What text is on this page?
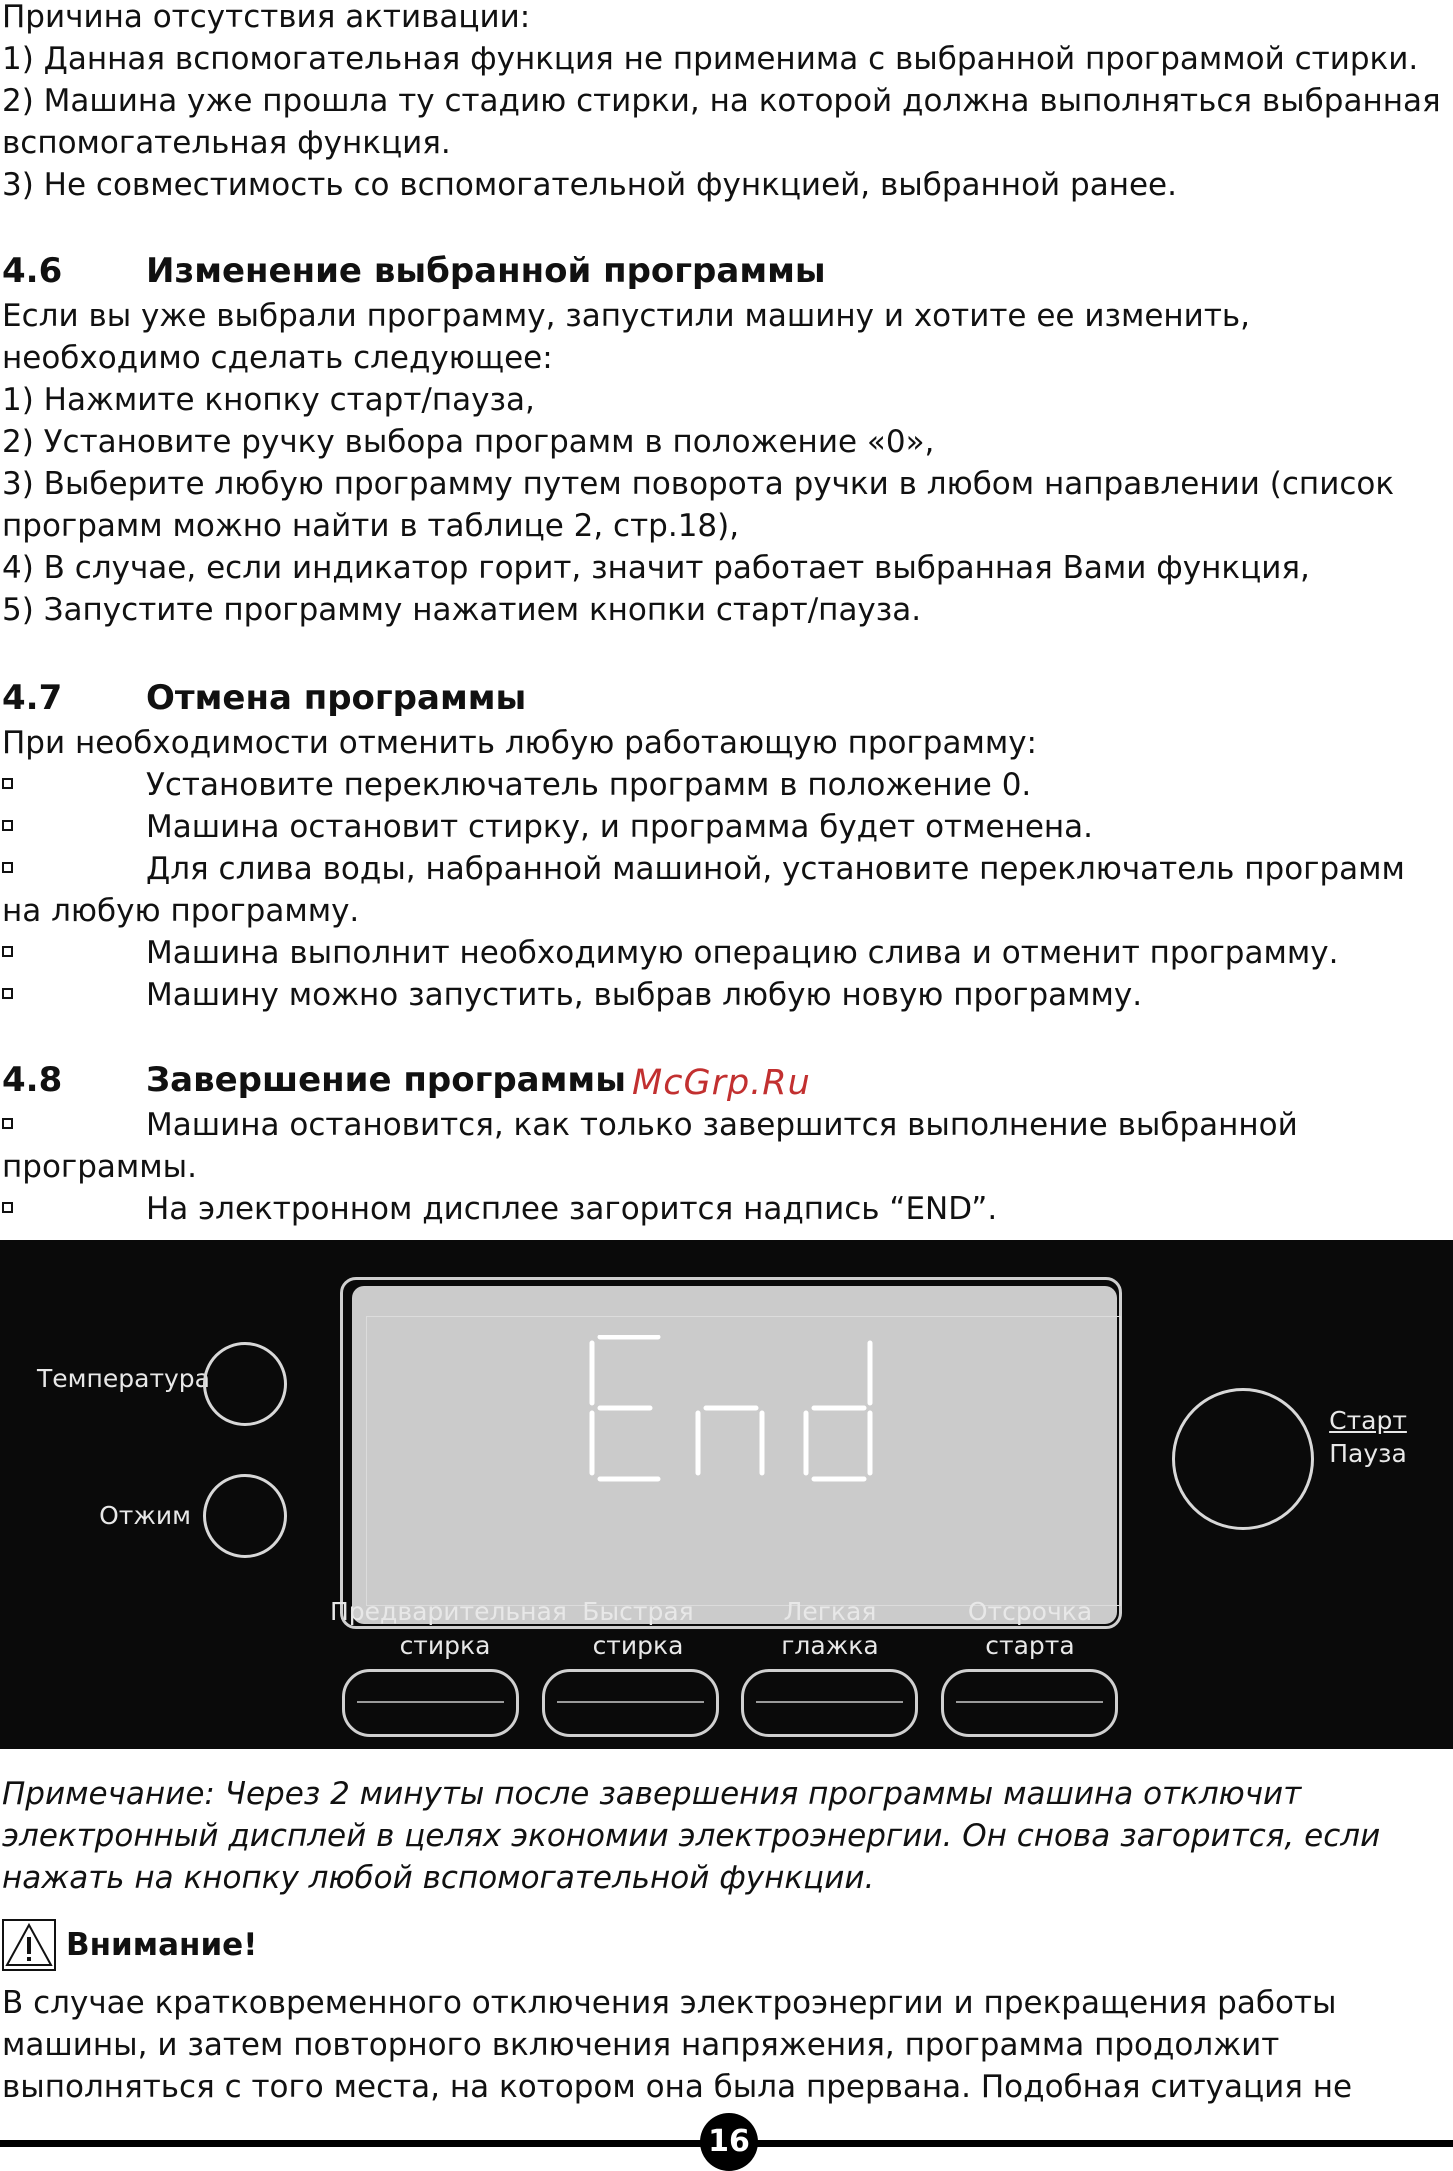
Причина отсутствия активации:
1) Данная вспомогательная функция не применима с выбранной программой стирки.
2) Машина уже прошла ту стадию стирки, на которой должна выполняться выбранная
вспомогательная функция.
3) Не совместимость со вспомогательной функцией, выбранной ранее.
4.6 Изменение выбранной программы
Если вы уже выбрали программу, запустили машину и хотите ее изменить,
необходимо сделать следующее:
1) Нажмите кнопку старт/пауза,
2) Установите ручку выбора программ в положение «0»,
3) Выберите любую программу путем поворота ручки в любом направлении (список
программ можно найти в таблице 2, стр.18),
4) В случае, если индикатор горит, значит работает выбранная Вами функция,
5) Запустите программу нажатием кнопки старт/пауза.
4.7 Отмена программы
При необходимости отменить любую работающую программу:
Установите переключатель программ в положение 0.
Машина остановит стирку, и программа будет отменена.
Для слива воды, набранной машиной, установите переключатель программ
на любую программу.
Машина выполнит необходимую операцию слива и отменит программу.
Машину можно запустить, выбрав любую новую программу.
4.8 Завершение программы McGrp.Ru
Машина остановится, как только завершится выполнение выбранной
программы.
На электронном дисплее загорится надпись “END”.
Температура
Отжим
Старт
Пауза
Предварительная
стирка
Быстрая
стирка
Легкая
глажка
Отсрочка
старта
Примечание: Через 2 минуты после завершения программы машина отключит
электронный дисплей в целях экономии электроэнергии. Он снова загорится, если
нажать на кнопку любой вспомогательной функции.
Внимание!
В случае кратковременного отключения электроэнергии и прекращения работы
машины, и затем повторного включения напряжения, программа продолжит
выполняться с того места, на котором она была прервана. Подобная ситуация не
16
